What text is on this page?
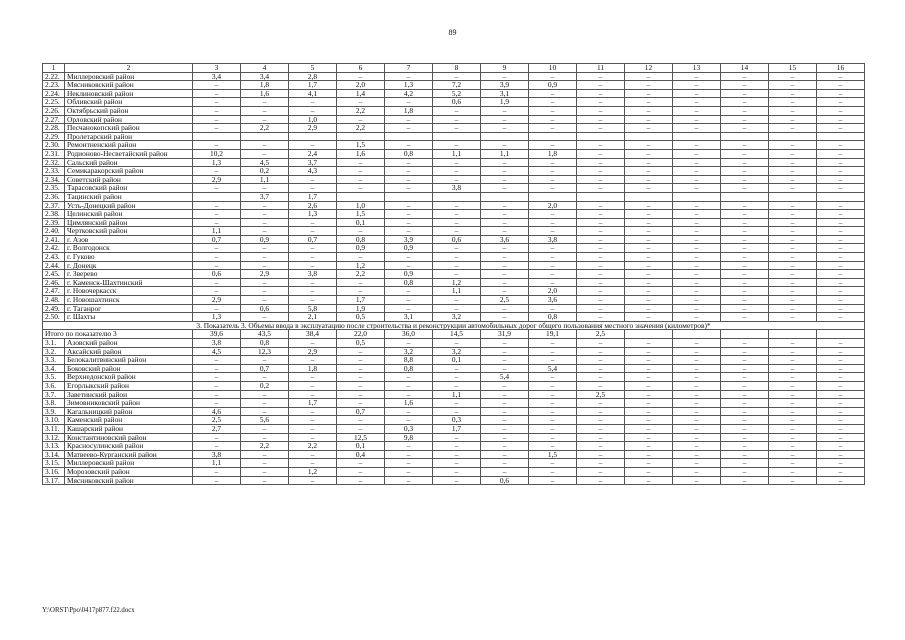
89
1	2	3	4	5	6	7	8	9	10	11	12	13	14	15	16
2.22.	Миллеровский район	3,4	3,4	2,8	–	–	–	–	–	–	–	–	–	–	–
2.23.	Мясниковский район	–	1,8	1,7	2,0	1,3	7,2	3,9	0,9	–	–	–	–	–	–
2.24.	Неклиновский район	–	1,6	4,1	1,4	4,2	5,2	3,1	–	–	–	–	–	–	–
2.25.	Обливский район	–	–	–	–	–	0,6	1,9	–	–	–	–	–	–	–
2.26.	Октябрьский район	–	–	–	2,2	1,8	–	–	–	–	–	–	–	–	–
2.27.	Орловский район	–	–	1,0	–	–	–	–	–	–	–	–	–	–	–
2.28.	Песчанокопский район	–	2,2	2,9	2,2	–	–	–	–	–	–	–	–	–	–
2.29.	Пролетарский район														
2.30.	Ремонтненский район	–	–	–	1,5	–	–	–	–	–	–	–	–	–	–
2.31.	Родионово-Несветайский район	10,2	–	2,4	1,6	0,8	1,1	1,1	1,8	–	–	–	–	–	–
2.32.	Сальский район	1,3	4,5	3,7	–	–	–	–	–	–	–	–	–	–	–
2.33.	Семикаракорский район	–	0,2	4,3	–	–	–	–	–	–	–	–	–	–	–
2.34.	Советский район	2,9	1,1	–	–	–	–	–	–	–	–	–	–	–	–
2.35.	Тарасовский район	–	–	–	–	–	3,8	–	–	–	–	–	–	–	–
2.36.	Тацинский район		3,7	1,7											
2.37.	Усть-Донецкий район	–	–	2,6	1,0	–	–	–	2,0	–	–	–	–	–	–
2.38.	Целинский район	–	–	1,3	1,5	–	–	–	–	–	–	–	–	–	–
2.39.	Цимлянский район	–	–	–	0,1	–	–	–	–	–	–	–	–	–	–
2.40.	Чертковский район	1,1	–	–	–	–	–	–	–	–	–	–	–	–	–
2.41.	г. Азов	0,7	0,9	0,7	0,8	3,9	0,6	3,6	3,8	–	–	–	–	–	–
2.42.	г. Волгодонск	–	–	–	0,9	0,9	–	–	–	–	–	–	–	–	–
2.43.	г. Гуково	–	–	–	–	–	–	–	–	–	–	–	–	–	–
2.44.	г. Донецк	–	–	–	1,2	–	–	–	–	–	–	–	–	–	–
2.45.	г. Зверево	0,6	2,9	3,8	2,2	0,9	–	–	–	–	–	–	–	–	–
2.46.	г. Каменск-Шахтинский	–	–	–	–	0,8	1,2	–	–	–	–	–	–	–	–
2.47.	г. Новочеркасск	–	–	–	–	–	1,1	–	2,0	–	–	–	–	–	–
2.48.	г. Новошахтинск	2,9	–	–	1,7	–	–	2,5	3,6	–	–	–	–	–	–
2.49.	г. Таганрог	–	0,6	5,8	1,9	–	–	–	–	–	–	–	–	–	–
2.50.	г. Шахты	1,3	–	2,1	0,5	3,1	3,2	–	0,8	–	–	–	–	–	–
3. Показатель 3. Объемы ввода в эксплуатацию после строительства и реконструкции автомобильных дорог общего пользования местного значения (километров)*															
Итого по показателю 3		39,6	43,5	38,4	22,0	36,0	14,5	31,9	19,1	2,5					
3.1.	Азовский район	3,8	0,8	–	0,5	–	–	–	–	–	–	–	–	–	–
3.2.	Аксайский район	4,5	12,3	2,9	–	3,2	3,2	–	–	–	–	–	–	–	–
3.3.	Белокалитвинский район	–	–	–	–	8,8	0,1	–	–	–	–	–	–	–	–
3.4.	Боковский район	–	0,7	1,8	–	0,8	–	–	5,4	–	–	–	–	–	–
3.5.	Верхнедонской район	–	–	–	–	–	–	5,4	–	–	–	–	–	–	–
3.6.	Егорлыкский район	–	0,2	–	–	–	–	–	–	–	–	–	–	–	–
3.7.	Заветинский район	–	–	–	–	–	1,1	–	–	2,5	–	–	–	–	–
3.8.	Зимовниковский район	–	–	1,7	–	1,6	–	–	–	–	–	–	–	–	–
3.9.	Кагальницкий район	4,6	–	–	0,7	–	–	–	–	–	–	–	–	–	–
3.10.	Каменский район	2,5	5,6	–	–	–	0,3	–	–	–	–	–	–	–	–
3.11.	Кашарский район	2,7	–	–	–	0,3	1,7	–	–	–	–	–	–	–	–
3.12.	Константиновский район	–	–	–	12,5	9,8	–	–	–	–	–	–	–	–	–
3.13.	Красносулинский район	–	2,2	2,2	0,1	–	–	–	–	–	–	–	–	–	–
3.14.	Матвеево-Курганский район	3,8	–	–	0,4	–	–	–	1,5	–	–	–	–	–	–
3.15.	Миллеровский район	1,1	–	–	–	–	–	–	–	–	–	–	–	–	–
3.16.	Морозовский район	–	–	1,2	–	–	–	–	–	–	–	–	–	–	–
3.17.	Мясниковский район	–	–	–	–	–	–	0,6	–	–	–	–	–	–	–
Y:\ORST\Ppo\0417p877.f22.docx
